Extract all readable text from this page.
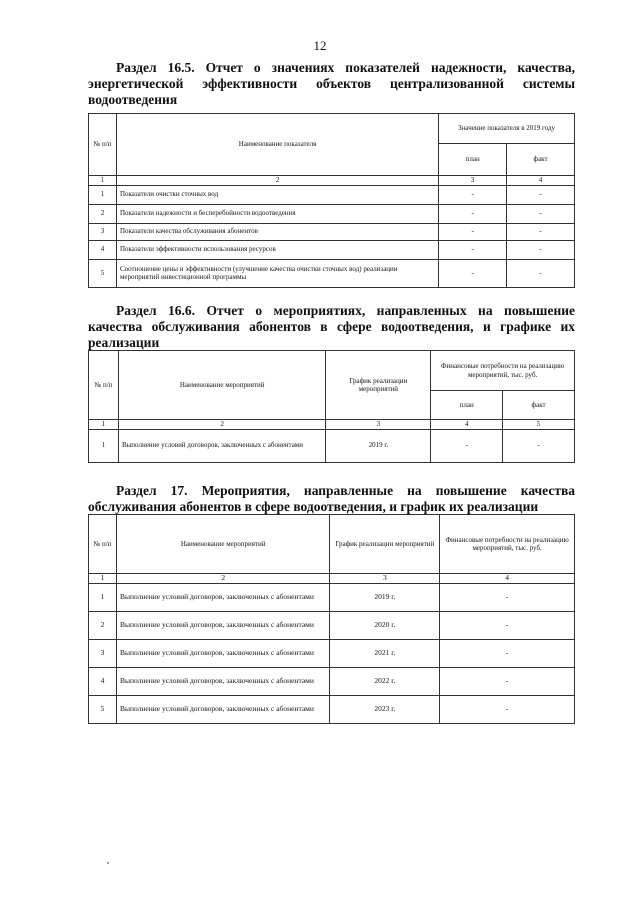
12
Раздел 16.5. Отчет о значениях показателей надежности, качества, энергетической эффективности объектов централизованной системы водоотведения
№ п/п	Наименование показателя	Значение показателя в 2019 году	
		план	факт
1	2	3	4
1	Показатели очистки сточных вод	-	-
2	Показатели надежности и бесперебойности водоотведения	-	-
3	Показатели качества обслуживания абонентов	-	-
4	Показатели эффективности использования ресурсов	-	-
5	Соотношение цены и эффективности (улучшение качества очистки сточных вод) реализации мероприятий инвестиционной программы	-	-
Раздел 16.6. Отчет о мероприятиях, направленных на повышение качества обслуживания абонентов в сфере водоотведения, и графике их реализации
№ п/п	Наименование мероприятий	График реализации мероприятий	Финансовые потребности на реализацию мероприятий, тыс. руб.	
			план	факт
1	2	3	4	5
1	Выполнение условий договоров, заключенных с абонентами	2019 г.	-	-
Раздел 17. Мероприятия, направленные на повышение качества обслуживания абонентов в сфере водоотведения, и график их реализации
№ п/п	Наименование мероприятий	График реализации мероприятий	Финансовые потребности на реализацию мероприятий, тыс. руб.
1	2	3	4
1	Выполнение условий договоров, заключенных с абонентами	2019 г.	-
2	Выполнение условий договоров, заключенных с абонентами	2020 г.	-
3	Выполнение условий договоров, заключенных с абонентами	2021 г.	-
4	Выполнение условий договоров, заключенных с абонентами	2022 г.	-
5	Выполнение условий договоров, заключенных с абонентами	2023 г.	-
